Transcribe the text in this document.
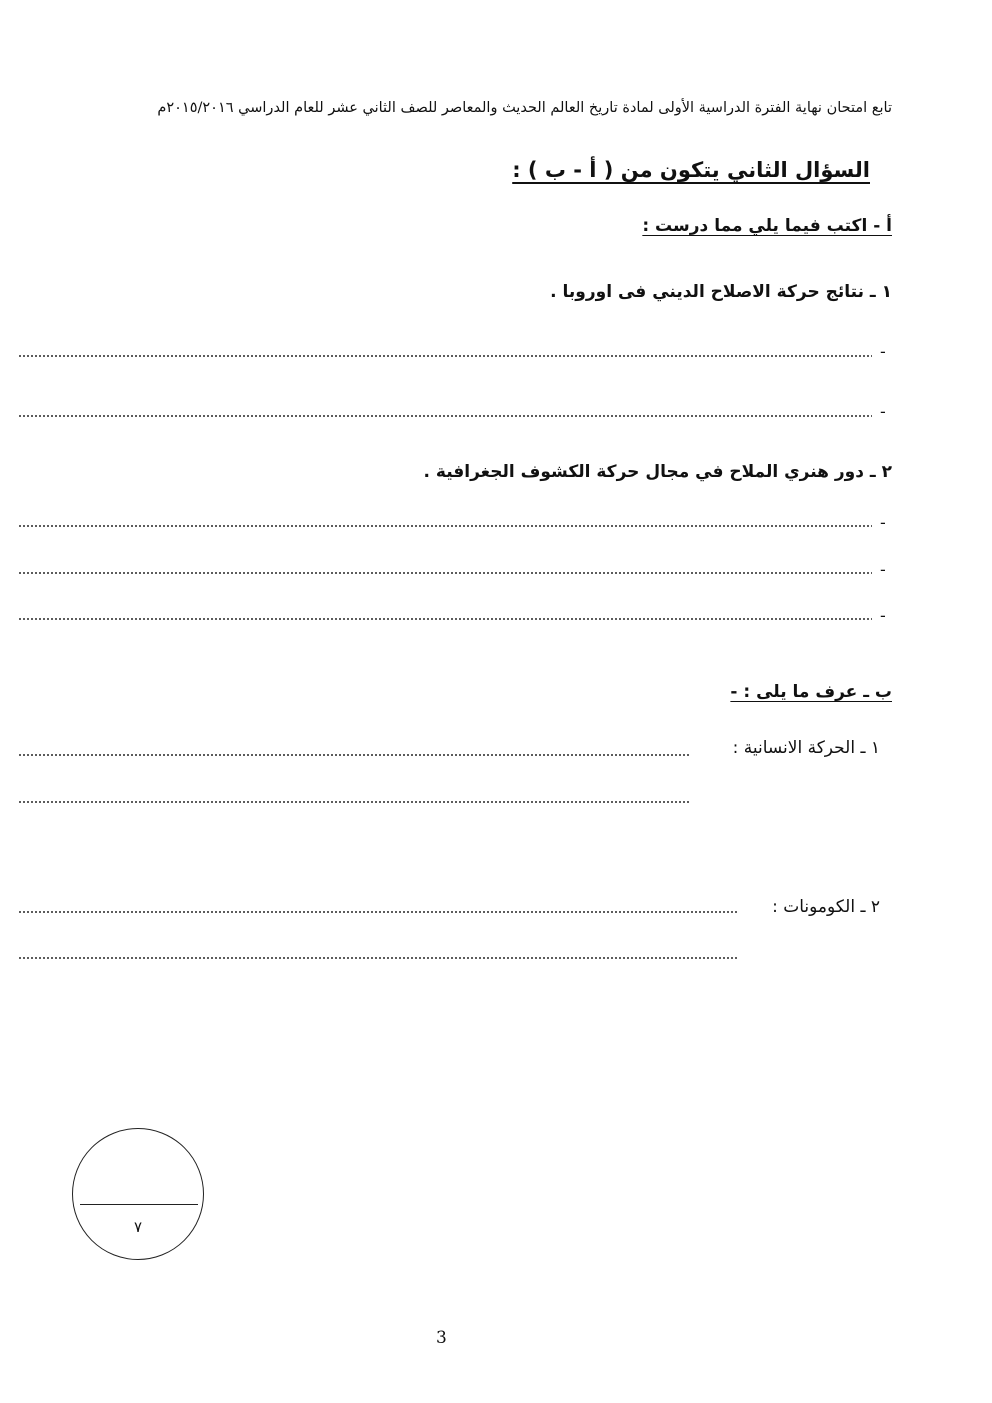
تابع امتحان نهاية الفترة الدراسية الأولى لمادة تاريخ العالم الحديث والمعاصر للصف الثاني عشر للعام الدراسي ٢٠١٥/٢٠١٦م
السؤال الثاني يتكون من ( أ - ب ) :
أ - اكتب فيما يلي مما درست :
١ ـ نتائج حركة الاصلاح الديني فى اوروبا .
-
-
٢ ـ دور هنري الملاح في مجال حركة الكشوف الجغرافية .
-
-
-
ب ـ عرف ما يلى : -
١ ـ الحركة الانسانية :
٢ ـ الكومونات :
٧
3
